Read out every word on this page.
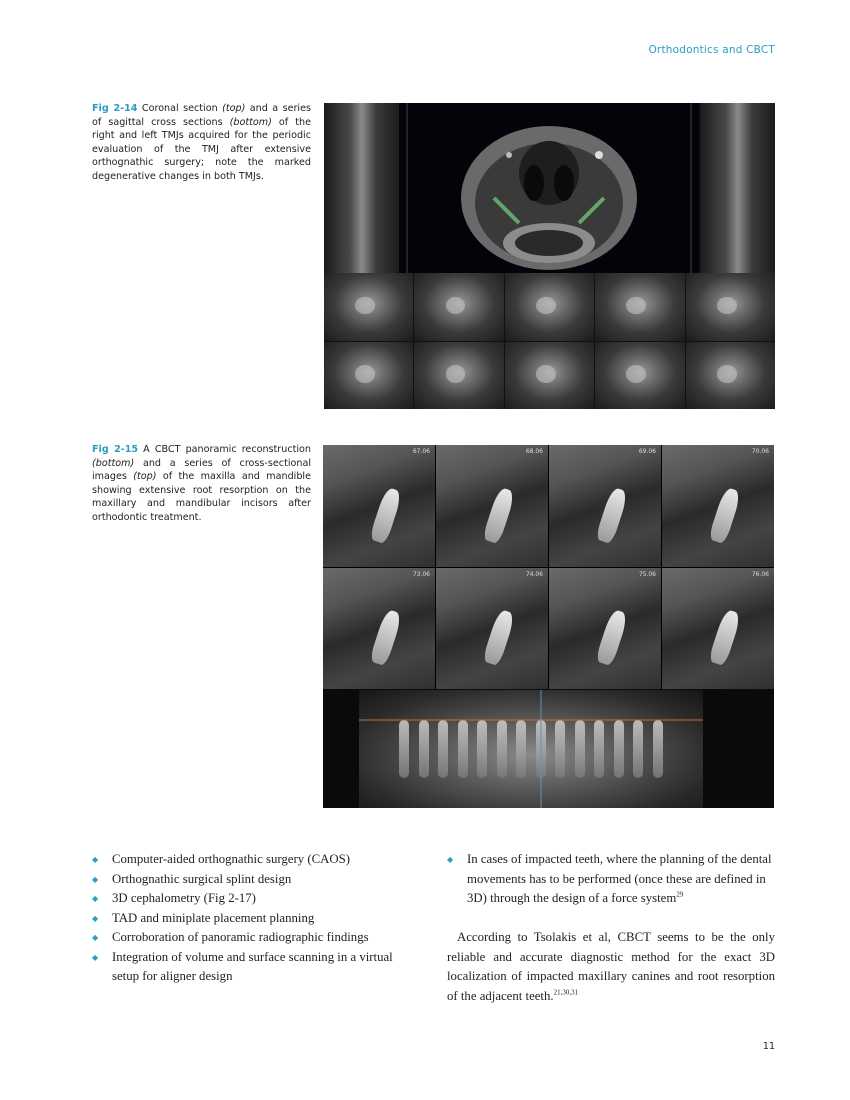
Orthodontics and CBCT
Fig 2-14 Coronal section (top) and a series of sagittal cross sections (bottom) of the right and left TMJs acquired for the periodic evaluation of the TMJ after extensive orthognathic surgery; note the marked degenerative changes in both TMJs.
Fig 2-15 A CBCT panoramic reconstruction (bottom) and a series of cross-sectional images (top) of the maxilla and mandible showing extensive root resorption on the maxillary and mandibular incisors after orthodontic treatment.
67.06	68.06	69.06	70.06
73.06	74.06	75.06	76.06
◆ Computer-aided orthognathic surgery (CAOS)
◆ Orthognathic surgical splint design
◆ 3D cephalometry (Fig 2-17)
◆ TAD and miniplate placement planning
◆ Corroboration of panoramic radiographic findings
◆ Integration of volume and surface scanning in a virtual setup for aligner design
◆ In cases of impacted teeth, where the planning of the dental movements has to be performed (once these are defined in 3D) through the design of a force system$^{29}$

According to Tsolakis et al, CBCT seems to be the only reliable and accurate diagnostic method for the exact 3D localization of impacted maxillary canines and root resorption of the adjacent teeth.$^{21,30,31}$

11
